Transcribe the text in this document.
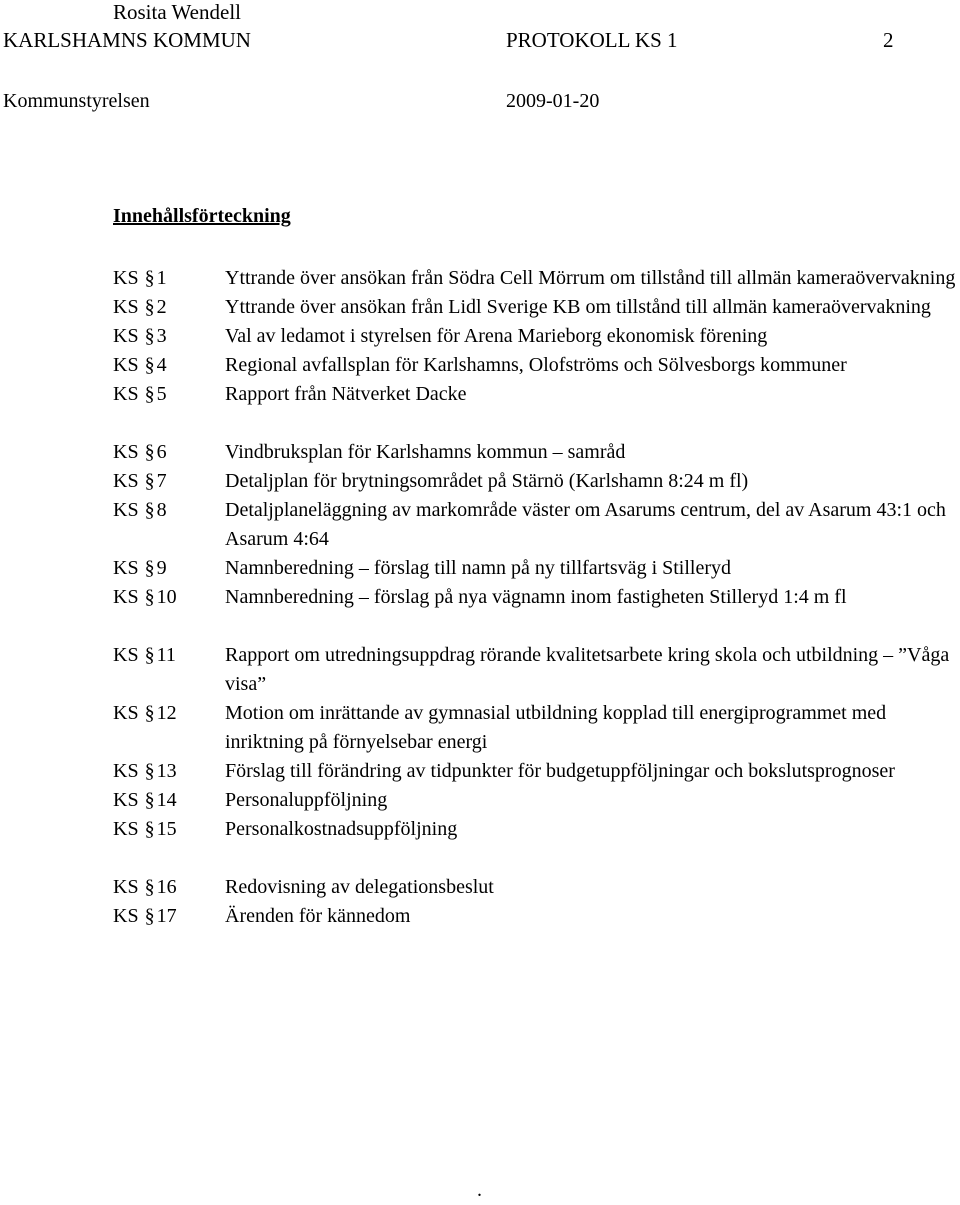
Rosita Wendell
KARLSHAMNS KOMMUN	PROTOKOLL KS 1	2
Kommunstyrelsen	2009-01-20
Innehållsförteckning
KS § 1	Yttrande över ansökan från Södra Cell Mörrum om tillstånd till allmän kameraövervakning
KS § 2	Yttrande över ansökan från Lidl Sverige KB om tillstånd till allmän kameraövervakning
KS § 3	Val av ledamot i styrelsen för Arena Marieborg ekonomisk förening
KS § 4	Regional avfallsplan för Karlshamns, Olofströms och Sölvesborgs kommuner
KS § 5	Rapport från Nätverket Dacke
KS § 6	Vindbruksplan för Karlshamns kommun – samråd
KS § 7	Detaljplan för brytningsområdet på Stärnö (Karlshamn 8:24 m fl)
KS § 8	Detaljplaneläggning av markområde väster om Asarums centrum, del av Asarum 43:1 och Asarum 4:64
KS § 9	Namnberedning – förslag till namn på ny tillfartsväg i Stilleryd
KS § 10	Namnberedning – förslag på nya vägnamn inom fastigheten Stilleryd 1:4 m fl
KS § 11	Rapport om utredningsuppdrag rörande kvalitetsarbete kring skola och utbildning – ”Våga visa”
KS § 12	Motion om inrättande av gymnasial utbildning kopplad till energiprogrammet med inriktning på förnyelsebar energi
KS § 13	Förslag till förändring av tidpunkter för budgetuppföljningar och bokslutsprognoser
KS § 14	Personaluppföljning
KS § 15	Personalkostnadsuppföljning
KS § 16	Redovisning av delegationsbeslut
KS § 17	Ärenden för kännedom
.
